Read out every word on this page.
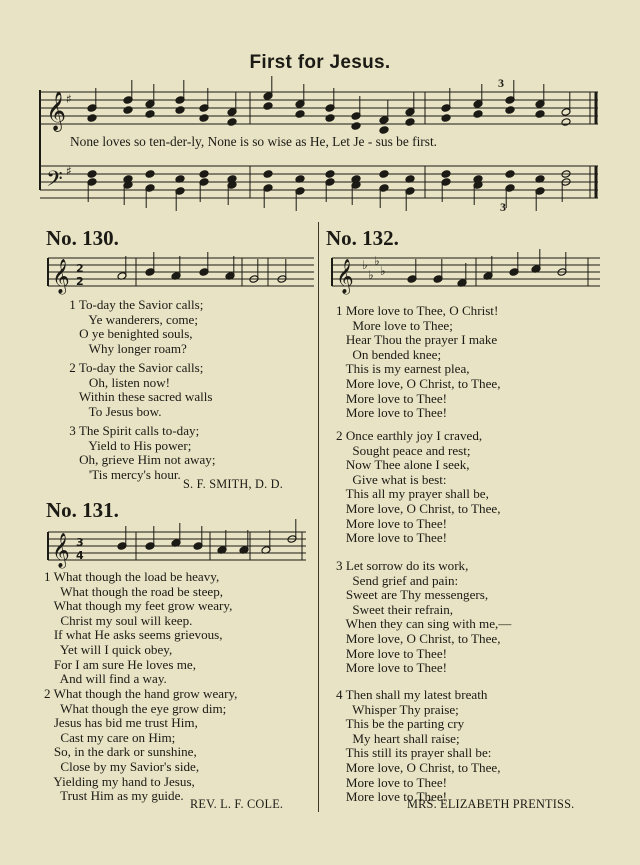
First for Jesus.
𝄞 ♯
𝄢 ♯
3
3
None loves so ten-der-ly, None is so wise as He, Let Je - sus be first.
No. 130.
𝄞 2
2
1 To-day the Savior calls;
Ye wanderers, come;
O ye benighted souls,
Why longer roam?
2 To-day the Savior calls;
Oh, listen now!
Within these sacred walls
To Jesus bow.
3 The Spirit calls to-day;
Yield to His power;
Oh, grieve Him not away;
'Tis mercy's hour.
S. F. SMITH, D. D.
No. 131.
𝄞 3
4
1 What though the load be heavy,
What though the road be steep,
What though my feet grow weary,
Christ my soul will keep.
If what He asks seems grievous,
Yet will I quick obey,
For I am sure He loves me,
And will find a way.
2 What though the hand grow weary,
What though the eye grow dim;
Jesus has bid me trust Him,
Cast my care on Him;
So, in the dark or sunshine,
Close by my Savior's side,
Yielding my hand to Jesus,
Trust Him as my guide.
REV. L. F. COLE.
No. 132.
𝄞 ♭
♭
♭
♭
1 More love to Thee, O Christ!
More love to Thee;
Hear Thou the prayer I make
On bended knee;
This is my earnest plea,
More love, O Christ, to Thee,
More love to Thee!
More love to Thee!
2 Once earthly joy I craved,
Sought peace and rest;
Now Thee alone I seek,
Give what is best:
This all my prayer shall be,
More love, O Christ, to Thee,
More love to Thee!
More love to Thee!
3 Let sorrow do its work,
Send grief and pain:
Sweet are Thy messengers,
Sweet their refrain,
When they can sing with me,—
More love, O Christ, to Thee,
More love to Thee!
More love to Thee!
4 Then shall my latest breath
Whisper Thy praise;
This be the parting cry
My heart shall raise;
This still its prayer shall be:
More love, O Christ, to Thee,
More love to Thee!
More love to Thee!
MRS. ELIZABETH PRENTISS.
